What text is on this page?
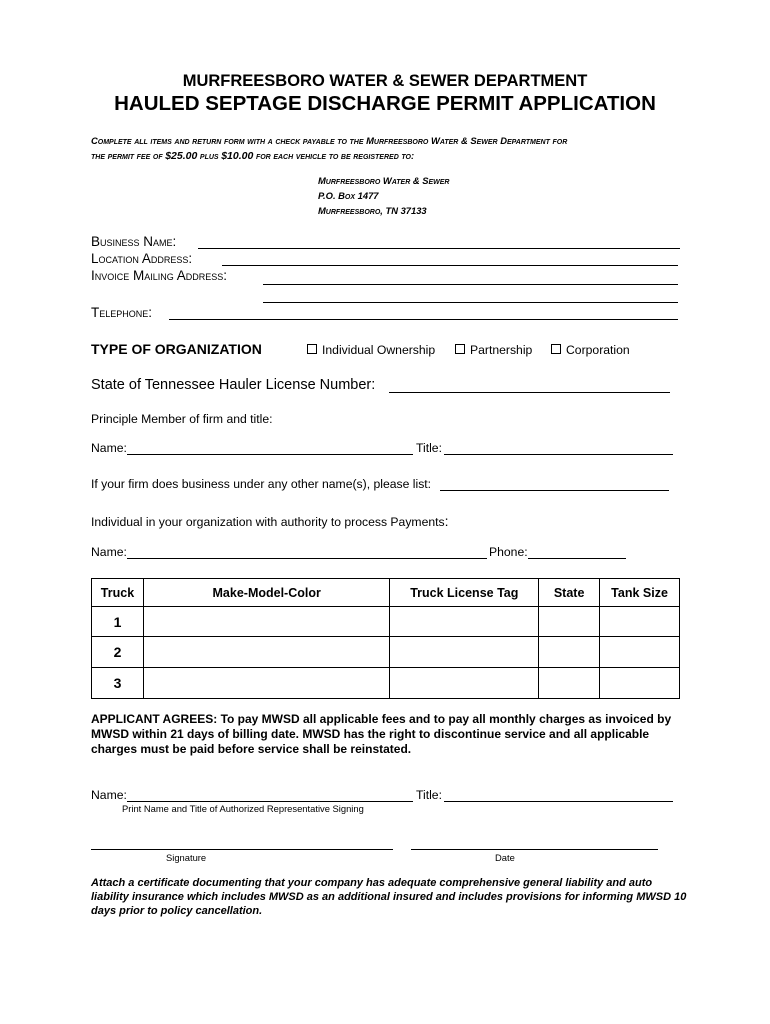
MURFREESBORO WATER & SEWER DEPARTMENT
HAULED SEPTAGE DISCHARGE PERMIT APPLICATION
Complete all items and return form with a check payable to the Murfreesboro Water & Sewer Department for
the permit fee of $25.00 plus $10.00 for each vehicle to be registered to:
Murfreesboro Water & Sewer
P.O. Box 1477
Murfreesboro, TN 37133
Business Name:
Location Address:
Invoice Mailing Address:
Telephone:
TYPE OF ORGANIZATION	Individual Ownership	Partnership	Corporation
State of Tennessee Hauler License Number:
Principle Member of firm and title:
Name:	Title:
If your firm does business under any other name(s), please list:
Individual in your organization with authority to process Payments:
Name:	Phone:
Truck	Make-Model-Color	Truck License Tag	State	Tank Size
1				
2				
3				
APPLICANT AGREES: To pay MWSD all applicable fees and to pay all monthly charges as invoiced by MWSD within 21 days of billing date. MWSD has the right to discontinue service and all applicable charges must be paid before service shall be reinstated.
Name:	Title:
Print Name and Title of Authorized Representative Signing
Signature	Date
Attach a certificate documenting that your company has adequate comprehensive general liability and auto liability insurance which includes MWSD as an additional insured and includes provisions for informing MWSD 10 days prior to policy cancellation.
